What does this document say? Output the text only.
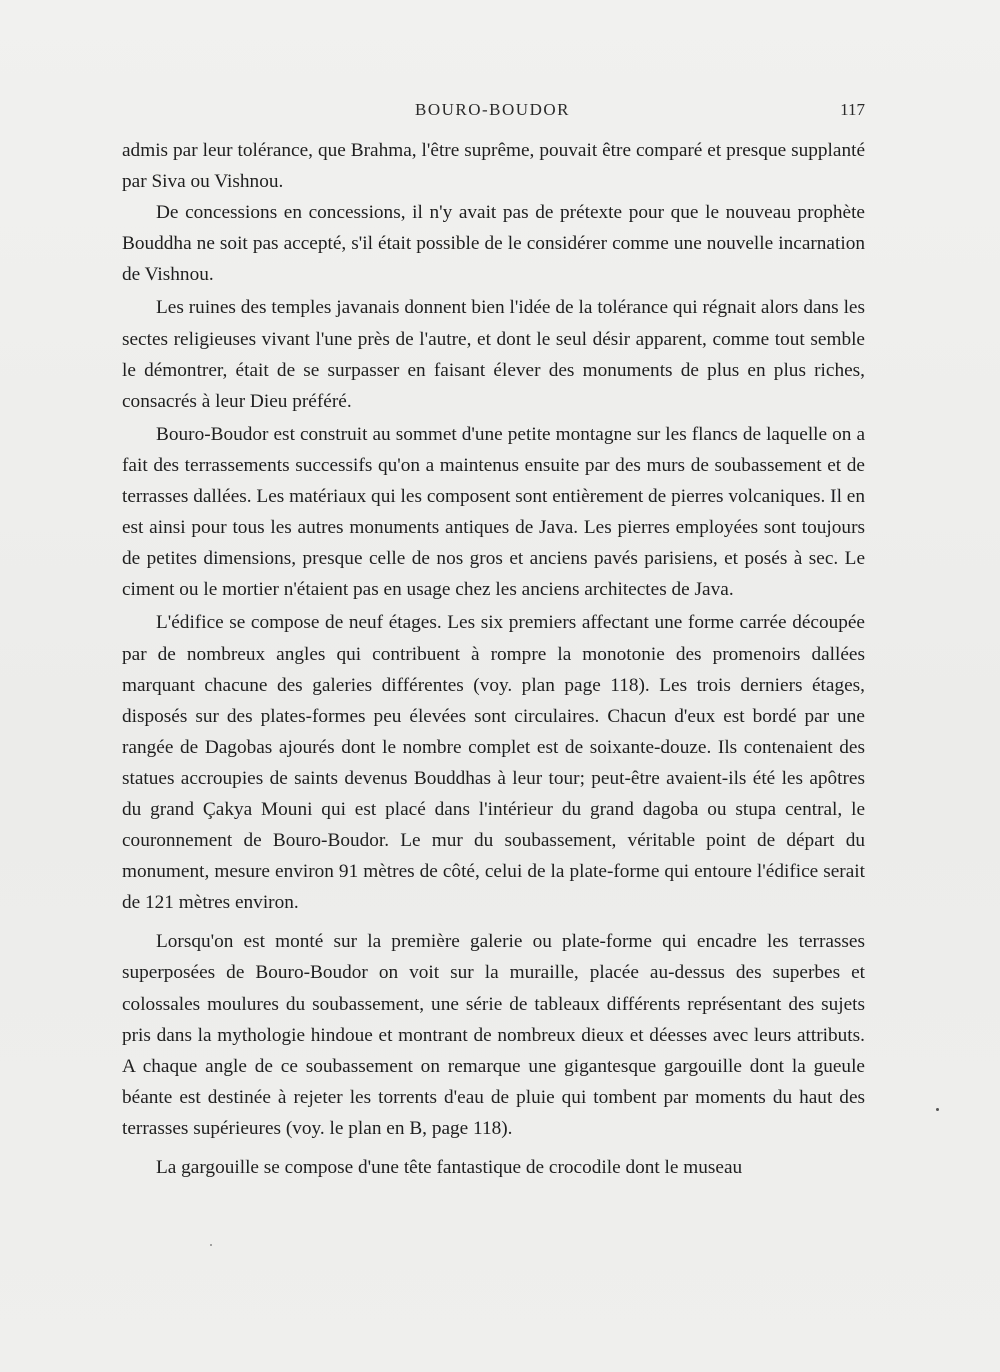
BOURO-BOUDOR	117

admis par leur tolérance, que Brahma, l'être suprême, pouvait être comparé et presque supplanté par Siva ou Vishnou.

De concessions en concessions, il n'y avait pas de prétexte pour que le nouveau prophète Bouddha ne soit pas accepté, s'il était possible de le considérer comme une nouvelle incarnation de Vishnou.

Les ruines des temples javanais donnent bien l'idée de la tolérance qui régnait alors dans les sectes religieuses vivant l'une près de l'autre, et dont le seul désir apparent, comme tout semble le démontrer, était de se surpasser en faisant élever des monuments de plus en plus riches, consacrés à leur Dieu préféré.

Bouro-Boudor est construit au sommet d'une petite montagne sur les flancs de laquelle on a fait des terrassements successifs qu'on a maintenus ensuite par des murs de soubassement et de terrasses dallées. Les matériaux qui les composent sont entièrement de pierres volcaniques. Il en est ainsi pour tous les autres monuments antiques de Java. Les pierres employées sont toujours de petites dimensions, presque celle de nos gros et anciens pavés parisiens, et posés à sec. Le ciment ou le mortier n'étaient pas en usage chez les anciens architectes de Java.

L'édifice se compose de neuf étages. Les six premiers affectant une forme carrée découpée par de nombreux angles qui contribuent à rompre la monotonie des promenoirs dallées marquant chacune des galeries différentes (voy. plan page 118). Les trois derniers étages, disposés sur des plates-formes peu élevées sont circulaires. Chacun d'eux est bordé par une rangée de Dagobas ajourés dont le nombre complet est de soixante-douze. Ils contenaient des statues accroupies de saints devenus Bouddhas à leur tour; peut-être avaient-ils été les apôtres du grand Çakya Mouni qui est placé dans l'intérieur du grand dagoba ou stupa central, le couronnement de Bouro-Boudor. Le mur du soubassement, véritable point de départ du monument, mesure environ 91 mètres de côté, celui de la plate-forme qui entoure l'édifice serait de 121 mètres environ.

Lorsqu'on est monté sur la première galerie ou plate-forme qui encadre les terrasses superposées de Bouro-Boudor on voit sur la muraille, placée au-dessus des superbes et colossales moulures du soubassement, une série de tableaux différents représentant des sujets pris dans la mythologie hindoue et montrant de nombreux dieux et déesses avec leurs attributs. A chaque angle de ce soubassement on remarque une gigantesque gargouille dont la gueule béante est destinée à rejeter les torrents d'eau de pluie qui tombent par moments du haut des terrasses supérieures (voy. le plan en B, page 118).

La gargouille se compose d'une tête fantastique de crocodile dont le museau
